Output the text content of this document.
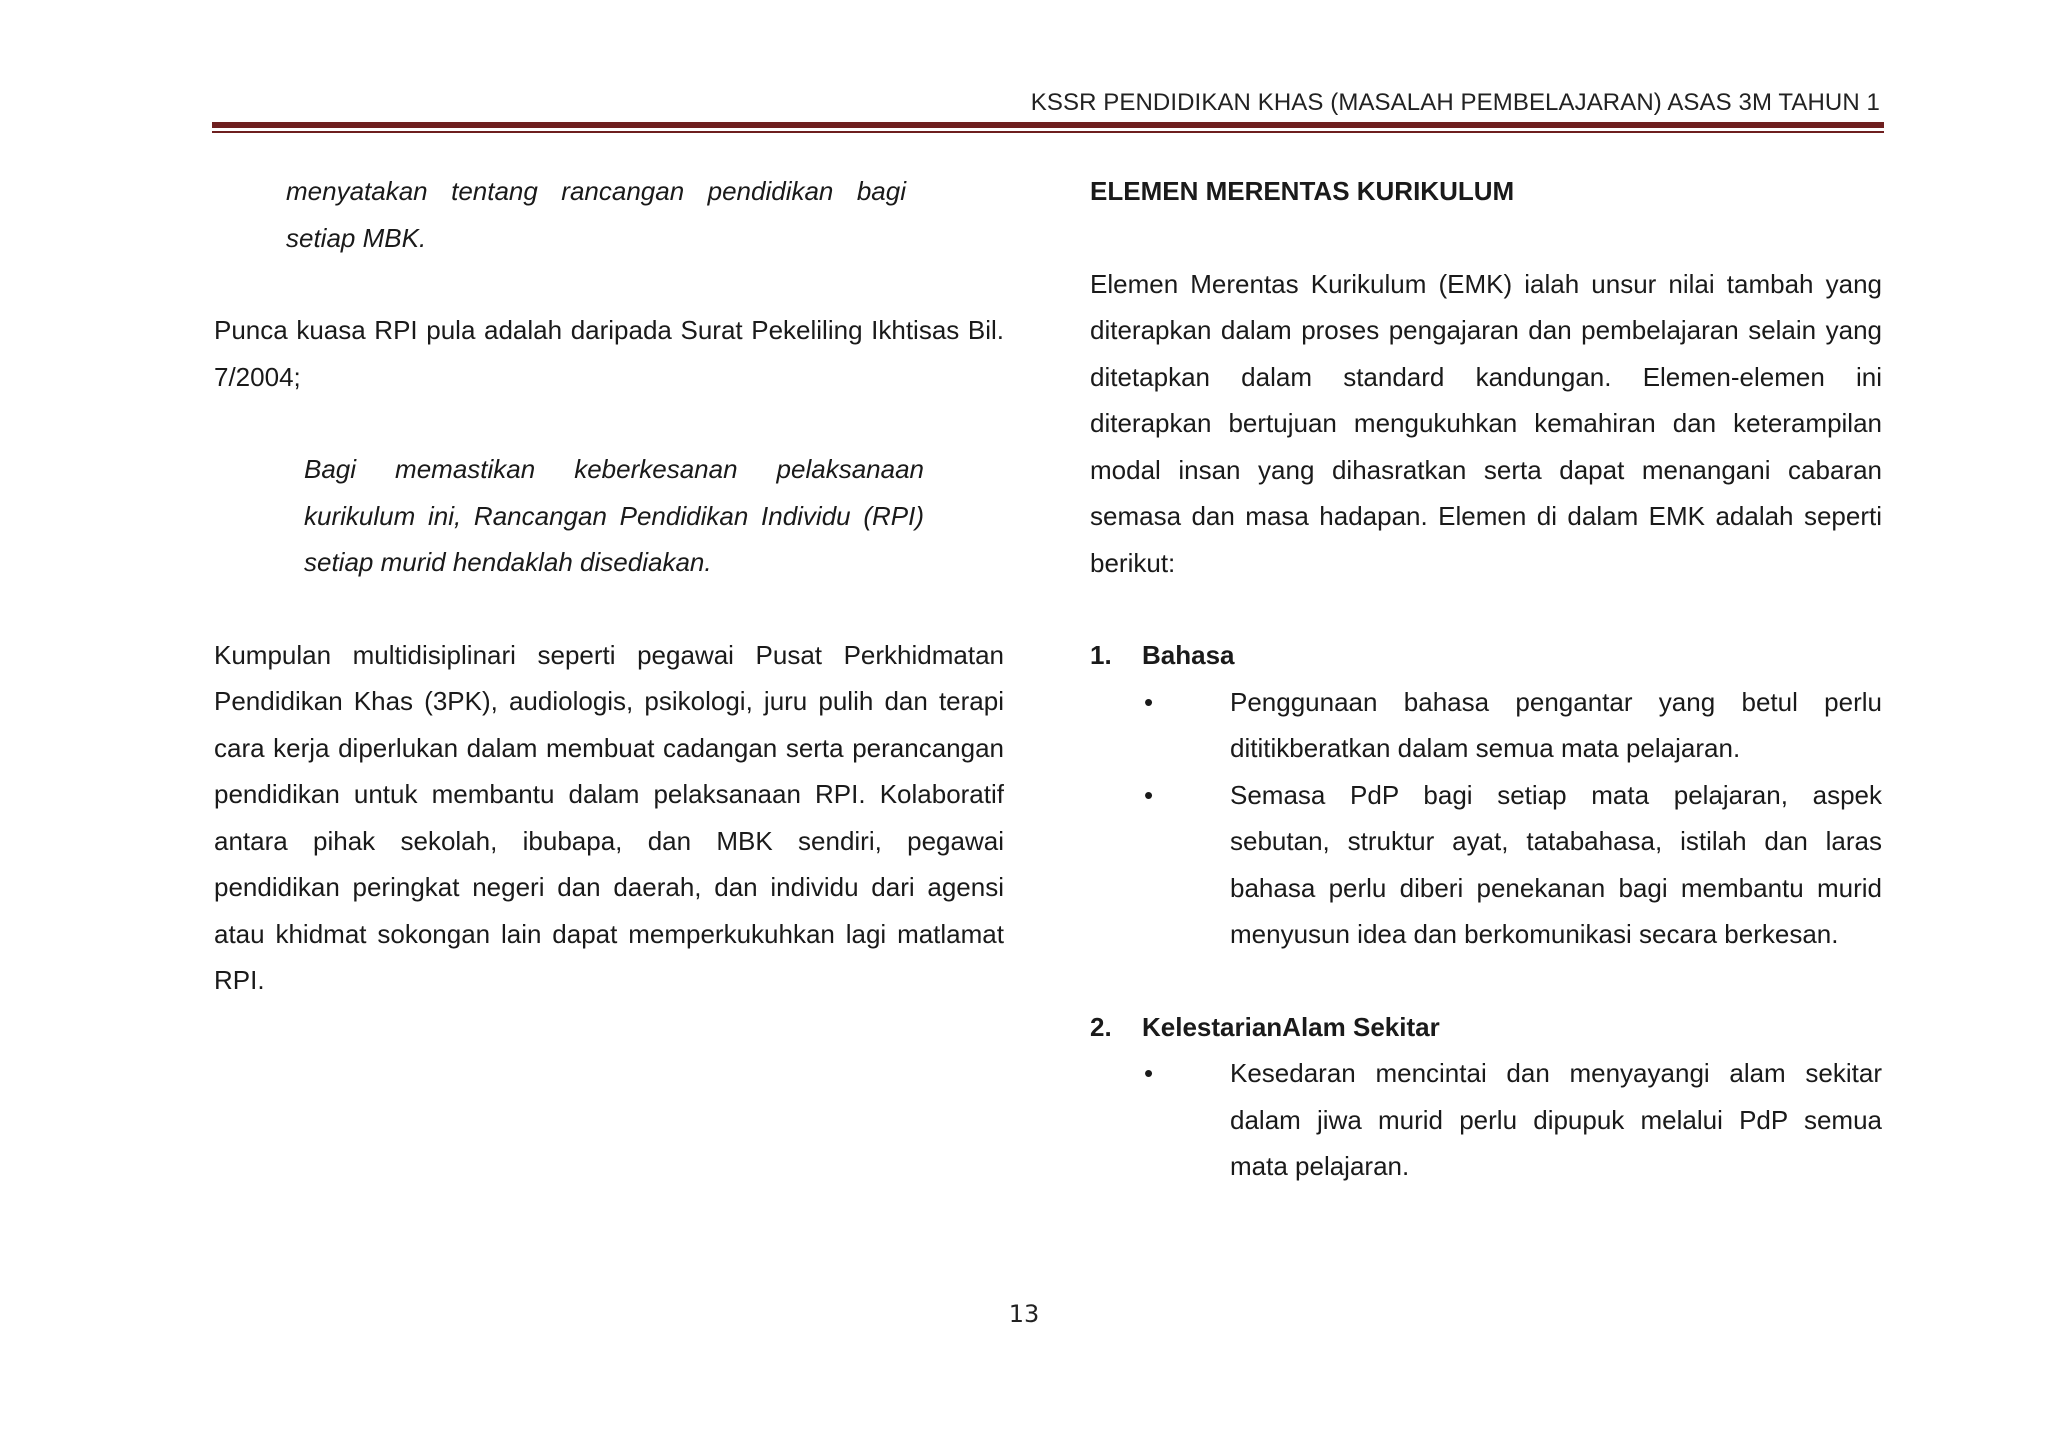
KSSR PENDIDIKAN KHAS (MASALAH PEMBELAJARAN) ASAS 3M TAHUN 1

menyatakan tentang rancangan pendidikan bagi setiap MBK.

Punca kuasa RPI pula adalah daripada Surat Pekeliling Ikhtisas Bil. 7/2004;

Bagi memastikan keberkesanan pelaksanaan kurikulum ini, Rancangan Pendidikan Individu (RPI) setiap murid hendaklah disediakan.

Kumpulan multidisiplinari seperti pegawai Pusat Perkhidmatan Pendidikan Khas (3PK), audiologis, psikologi, juru pulih dan terapi cara kerja diperlukan dalam membuat cadangan serta perancangan pendidikan untuk membantu dalam pelaksanaan RPI. Kolaboratif antara pihak sekolah, ibubapa, dan MBK sendiri, pegawai pendidikan peringkat negeri dan daerah, dan individu dari agensi atau khidmat sokongan lain dapat memperkukuhkan lagi matlamat RPI.

ELEMEN MERENTAS KURIKULUM

Elemen Merentas Kurikulum (EMK) ialah unsur nilai tambah yang diterapkan dalam proses pengajaran dan pembelajaran selain yang ditetapkan dalam standard kandungan. Elemen-elemen ini diterapkan bertujuan mengukuhkan kemahiran dan keterampilan modal insan yang dihasratkan serta dapat menangani cabaran semasa dan masa hadapan. Elemen di dalam EMK adalah seperti berikut:

1.	Bahasa
•	Penggunaan bahasa pengantar yang betul perlu dititikberatkan dalam semua mata pelajaran.
•	Semasa PdP bagi setiap mata pelajaran, aspek sebutan, struktur ayat, tatabahasa, istilah dan laras bahasa perlu diberi penekanan bagi membantu murid menyusun idea dan berkomunikasi secara berkesan.
2.	KelestarianAlam Sekitar
•	Kesedaran mencintai dan menyayangi alam sekitar dalam jiwa murid perlu dipupuk melalui PdP semua mata pelajaran.
13
